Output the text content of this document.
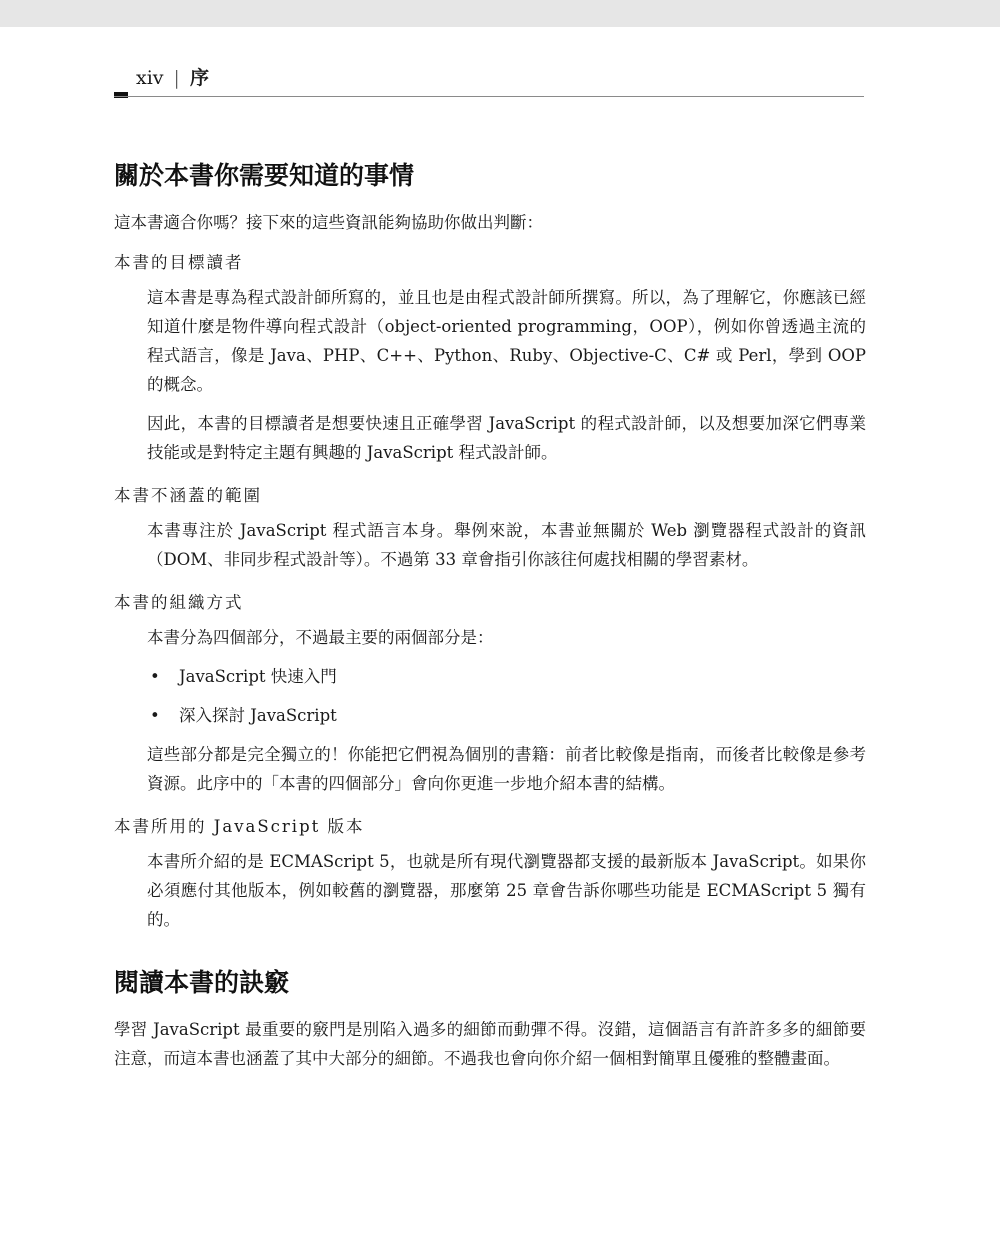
xiv | 序
關於本書你需要知道的事情

這本書適合你嗎？接下來的這些資訊能夠協助你做出判斷：

本書的目標讀者

這本書是專為程式設計師所寫的，並且也是由程式設計師所撰寫。所以，為了理解它，你應該已經知道什麼是物件導向程式設計（object-oriented programming，OOP），例如你曾透過主流的程式語言，像是 Java、PHP、C++、Python、Ruby、Objective-C、C# 或 Perl，學到 OOP 的概念。

因此，本書的目標讀者是想要快速且正確學習 JavaScript 的程式設計師，以及想要加深它們專業技能或是對特定主題有興趣的 JavaScript 程式設計師。

本書不涵蓋的範圍

本書專注於 JavaScript 程式語言本身。舉例來說，本書並無關於 Web 瀏覽器程式設計的資訊（DOM、非同步程式設計等）。不過第 33 章會指引你該往何處找相關的學習素材。

本書的組織方式

本書分為四個部分，不過最主要的兩個部分是：

• JavaScript 快速入門
• 深入探討 JavaScript

這些部分都是完全獨立的！你能把它們視為個別的書籍：前者比較像是指南，而後者比較像是參考資源。此序中的「本書的四個部分」會向你更進一步地介紹本書的結構。

本書所用的 JavaScript 版本

本書所介紹的是 ECMAScript 5，也就是所有現代瀏覽器都支援的最新版本 JavaScript。如果你必須應付其他版本，例如較舊的瀏覽器，那麼第 25 章會告訴你哪些功能是 ECMAScript 5 獨有的。

閱讀本書的訣竅

學習 JavaScript 最重要的竅門是別陷入過多的細節而動彈不得。沒錯，這個語言有許許多多的細節要注意，而這本書也涵蓋了其中大部分的細節。不過我也會向你介紹一個相對簡單且優雅的整體畫面。
